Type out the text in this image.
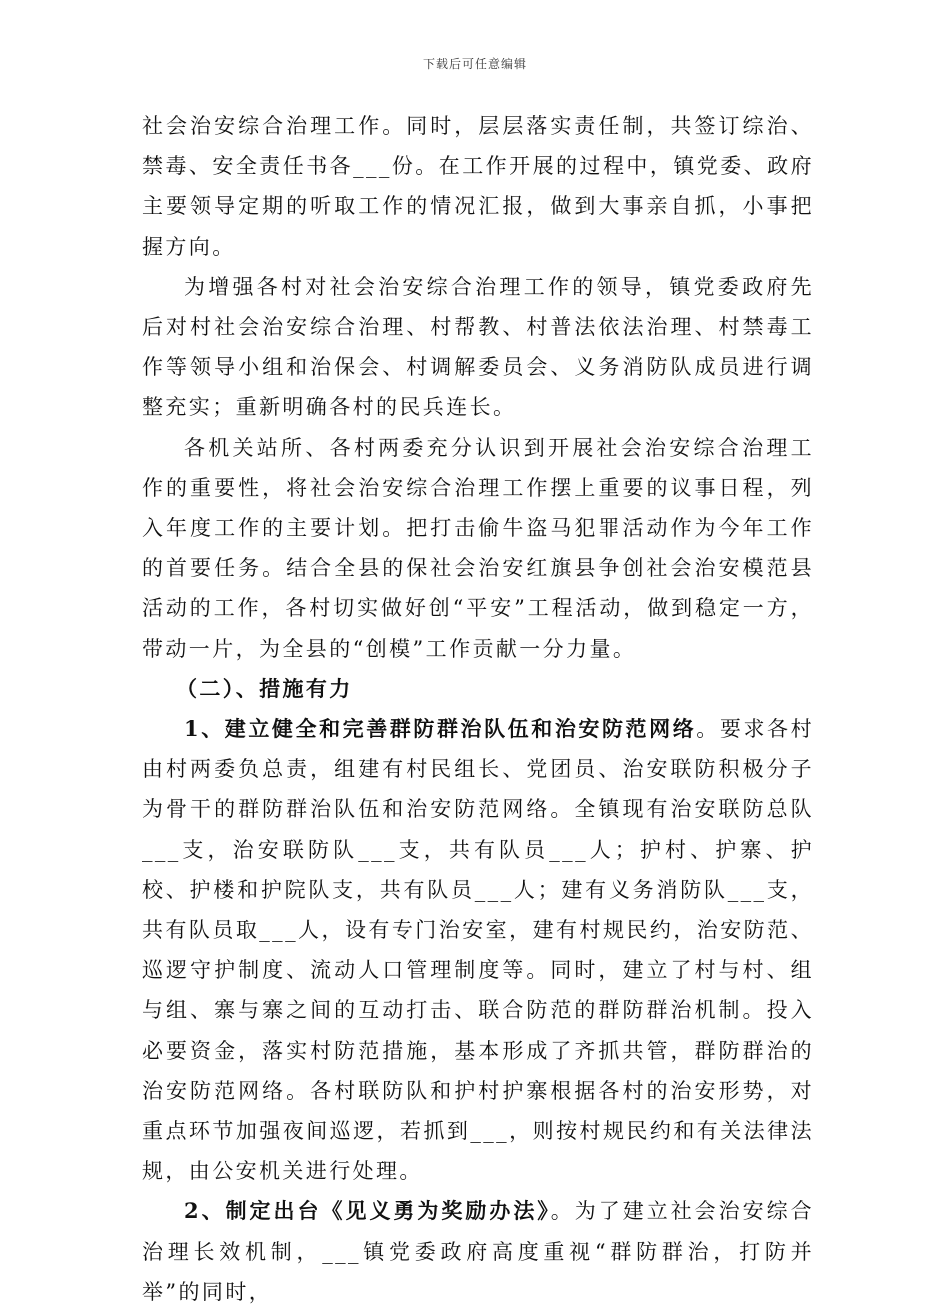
下载后可任意编辑

社会治安综合治理工作。同时，层层落实责任制，共签订综治、禁毒、安全责任书各___份。在工作开展的过程中，镇党委、政府主要领导定期的听取工作的情况汇报，做到大事亲自抓，小事把握方向。

为增强各村对社会治安综合治理工作的领导，镇党委政府先后对村社会治安综合治理、村帮教、村普法依法治理、村禁毒工作等领导小组和治保会、村调解委员会、义务消防队成员进行调整充实；重新明确各村的民兵连长。

各机关站所、各村两委充分认识到开展社会治安综合治理工作的重要性，将社会治安综合治理工作摆上重要的议事日程，列入年度工作的主要计划。把打击偷牛盗马犯罪活动作为今年工作的首要任务。结合全县的保社会治安红旗县争创社会治安模范县活动的工作，各村切实做好创“平安”工程活动，做到稳定一方，带动一片，为全县的“创模”工作贡献一分力量。

（二）、措施有力

1、建立健全和完善群防群治队伍和治安防范网络。要求各村由村两委负总责，组建有村民组长、党团员、治安联防积极分子为骨干的群防群治队伍和治安防范网络。全镇现有治安联防总队___支，治安联防队___支，共有队员___人；护村、护寨、护校、护楼和护院队支，共有队员___人；建有义务消防队___支，共有队员取___人，设有专门治安室，建有村规民约，治安防范、巡逻守护制度、流动人口管理制度等。同时，建立了村与村、组与组、寨与寨之间的互动打击、联合防范的群防群治机制。投入必要资金，落实村防范措施，基本形成了齐抓共管，群防群治的治安防范网络。各村联防队和护村护寨根据各村的治安形势，对重点环节加强夜间巡逻，若抓到___，则按村规民约和有关法律法规，由公安机关进行处理。

2、制定出台《见义勇为奖励办法》。为了建立社会治安综合治理长效机制，___镇党委政府高度重视“群防群治，打防并举”的同时，
